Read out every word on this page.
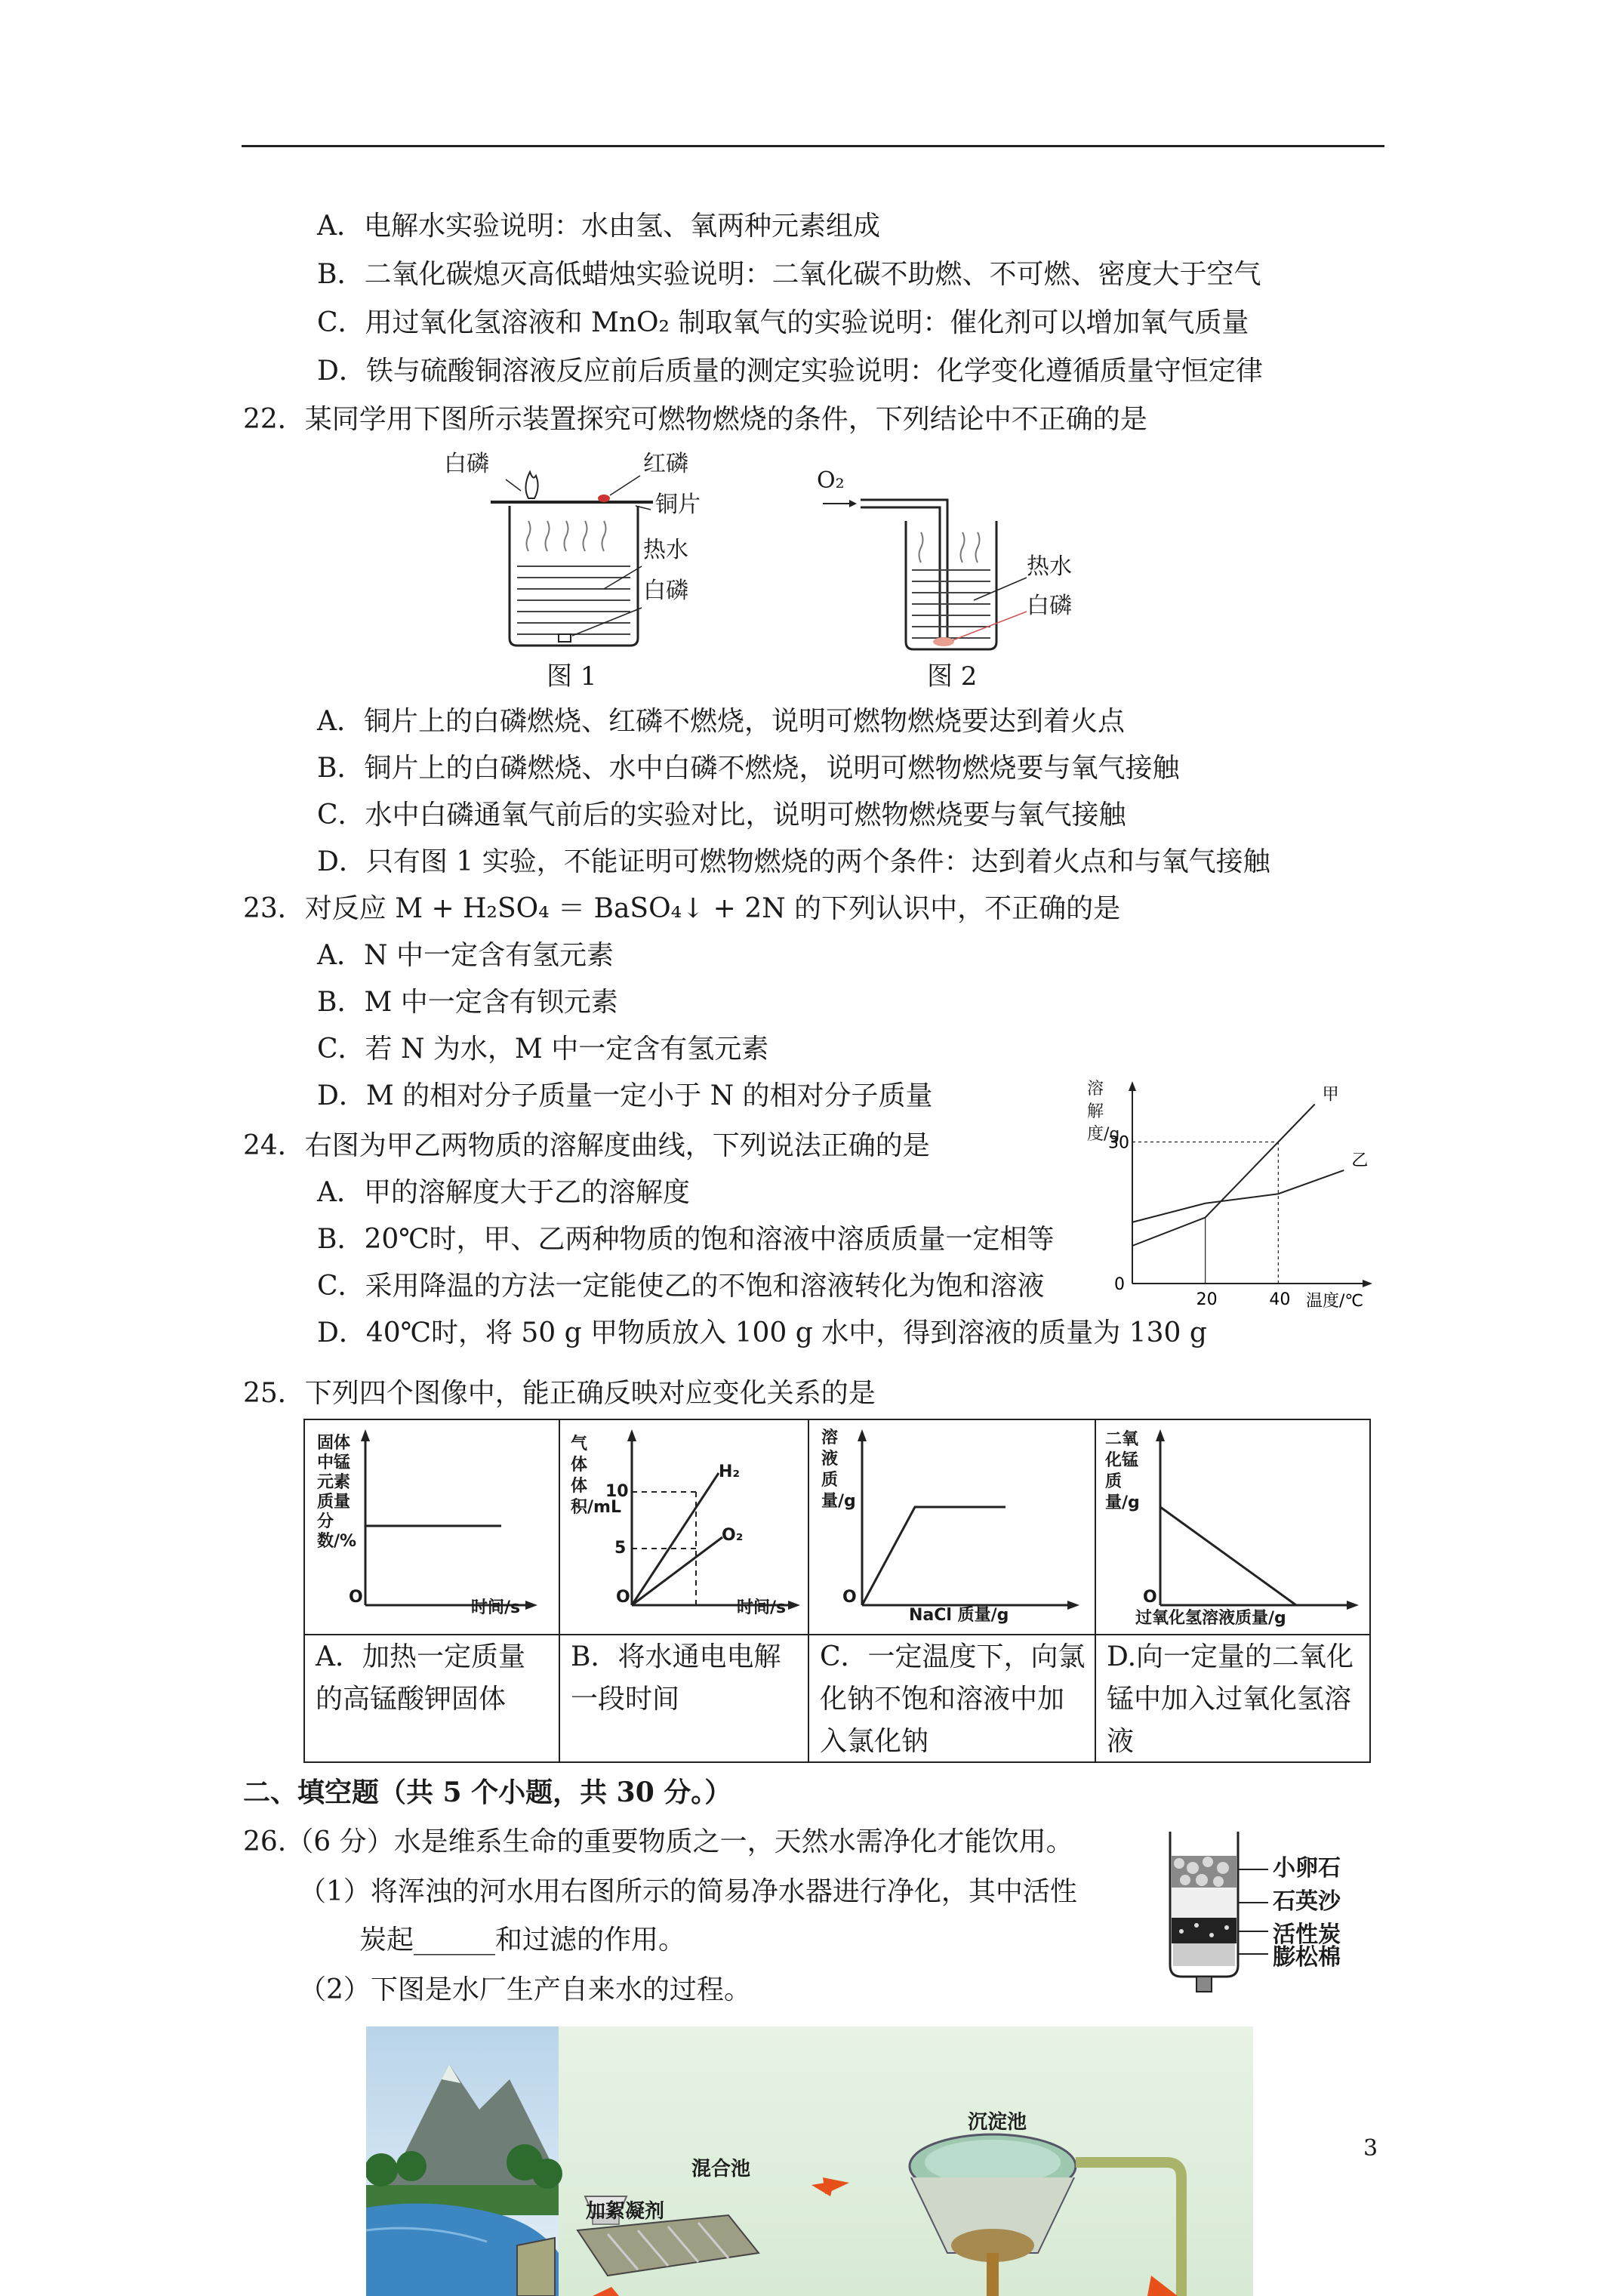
A．电解水实验说明：水由氢、氧两种元素组成
B．二氧化碳熄灭高低蜡烛实验说明：二氧化碳不助燃、不可燃、密度大于空气
C．用过氧化氢溶液和 MnO₂ 制取氧气的实验说明：催化剂可以增加氧气质量
D．铁与硫酸铜溶液反应前后质量的测定实验说明：化学变化遵循质量守恒定律
22．某同学用下图所示装置探究可燃物燃烧的条件，下列结论中不正确的是
白磷	红磷
铜片
热水
白磷
图 1
O₂
热水
白磷
图 2
A．铜片上的白磷燃烧、红磷不燃烧，说明可燃物燃烧要达到着火点
B．铜片上的白磷燃烧、水中白磷不燃烧，说明可燃物燃烧要与氧气接触
C．水中白磷通氧气前后的实验对比，说明可燃物燃烧要与氧气接触
D．只有图 1 实验，不能证明可燃物燃烧的两个条件：达到着火点和与氧气接触
23．对反应 M + H₂SO₄ ＝ BaSO₄↓ + 2N 的下列认识中，不正确的是
A．N 中一定含有氢元素
B．M 中一定含有钡元素
C．若 N 为水，M 中一定含有氢元素
D．M 的相对分子质量一定小于 N 的相对分子质量
24．右图为甲乙两物质的溶解度曲线，下列说法正确的是
A．甲的溶解度大于乙的溶解度
B．20℃时，甲、乙两种物质的饱和溶液中溶质质量一定相等
C．采用降温的方法一定能使乙的不饱和溶液转化为饱和溶液
D．40℃时，将 50 g 甲物质放入 100 g 水中，得到溶液的质量为 130 g
甲
乙
20	40
30
0
温度/℃
溶解度/g
25．下列四个图像中，能正确反映对应变化关系的是
固体中锰元素质量分数/%
O
时间/s
A．加热一定质量的高锰酸钾固体
气体体积/mL
10
5
H₂
O₂
O
时间/s
B．将水通电电解一段时间
溶液质量/g
O
NaCl 质量/g
C．一定温度下，向氯化钠不饱和溶液中加入氯化钠
二氧化锰质量/g
O
过氧化氢溶液质量/g
D.向一定量的二氧化锰中加入过氧化氢溶液
二、填空题（共 5 个小题，共 30 分。）
26.（6 分）水是维系生命的重要物质之一，天然水需净化才能饮用。
（1）将浑浊的河水用右图所示的简易净水器进行净化，其中活性
炭起______和过滤的作用。
（2）下图是水厂生产自来水的过程。
小卵石
石英沙
活性炭
膨松棉
加絮凝剂
混合池
沉淀池
3
